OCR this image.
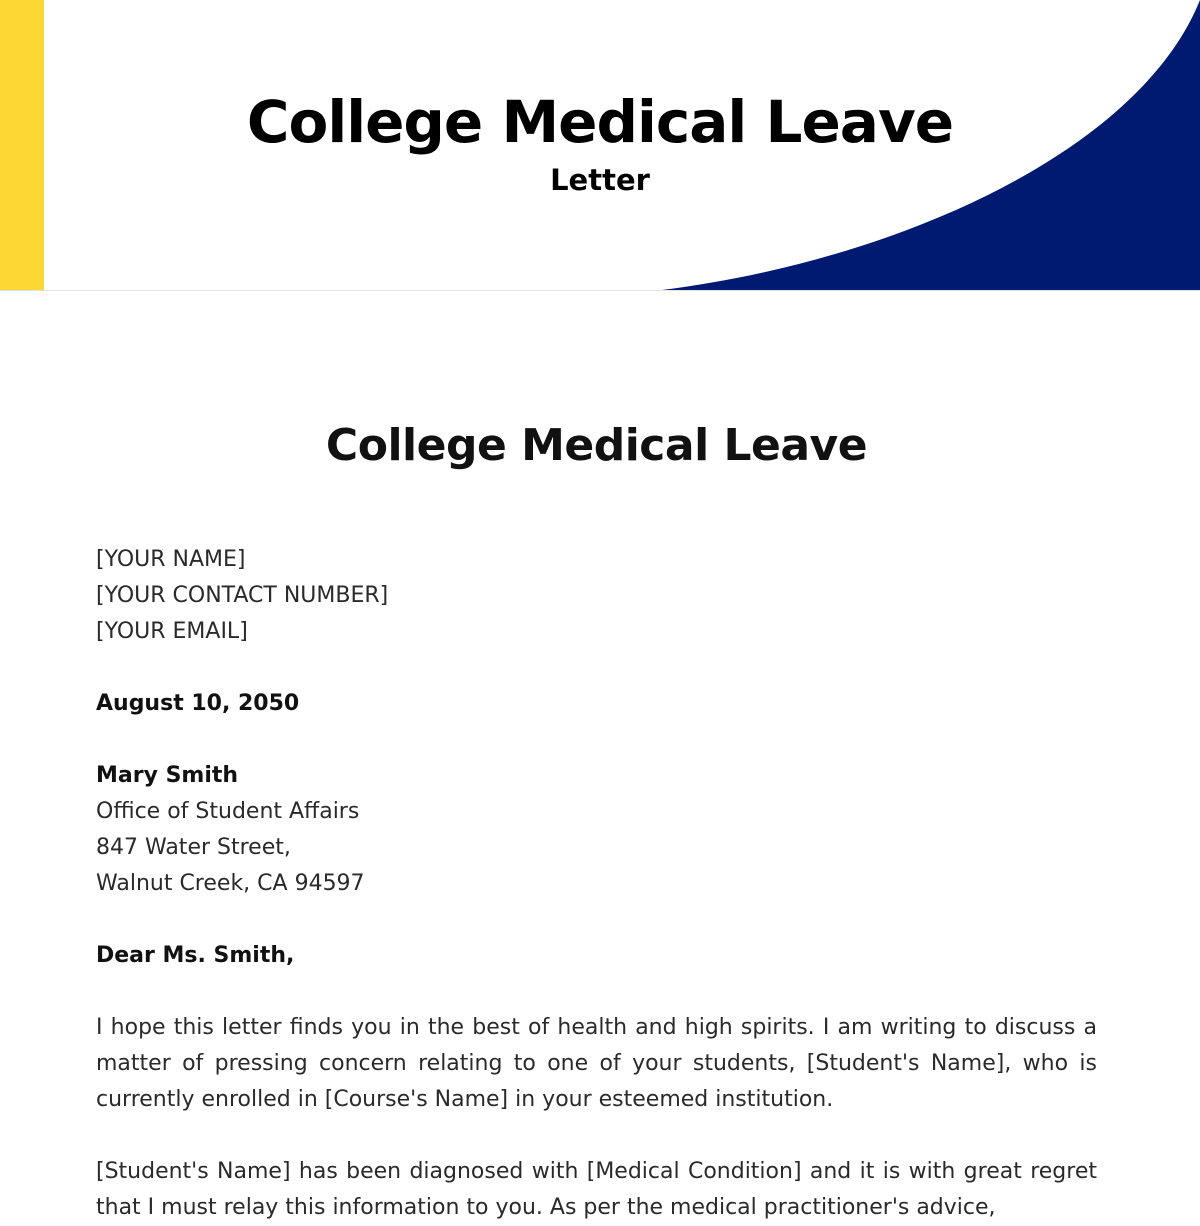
College Medical Leave
Letter
College Medical Leave

[YOUR NAME]

[YOUR CONTACT NUMBER]

[YOUR EMAIL]

August 10, 2050

Mary Smith

Office of Student Affairs

847 Water Street,

Walnut Creek, CA 94597

Dear Ms. Smith,

I hope this letter finds you in the best of health and high spirits. I am writing to discuss a matter of pressing concern relating to one of your students, [Student's Name], who is currently enrolled in [Course's Name] in your esteemed institution.

[Student's Name] has been diagnosed with [Medical Condition] and it is with great regret that I must relay this information to you. As per the medical practitioner's advice,
